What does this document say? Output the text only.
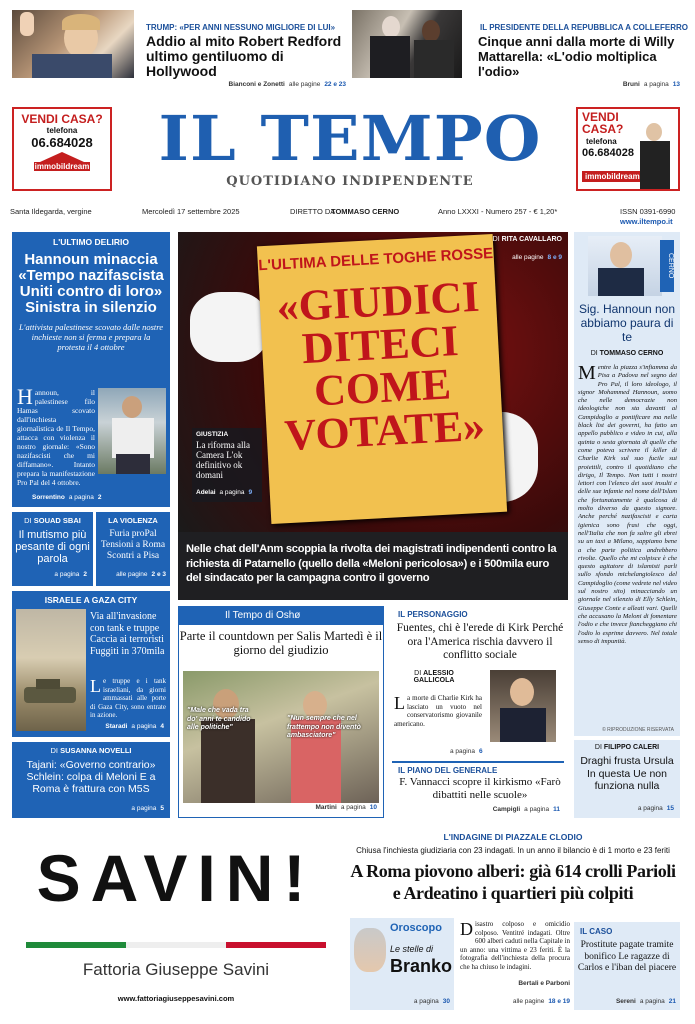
TRUMP: «PER ANNI NESSUNO MIGLIORE DI LUI»
Addio al mito Robert Redford ultimo gentiluomo di Hollywood
Bianconi e Zonetti alle pagine 22 e 23
IL PRESIDENTE DELLA REPUBBLICA A COLLEFERRO
Cinque anni dalla morte di Willy Mattarella: «L'odio moltiplica l'odio»
Bruni a pagina 13
VENDI CASA?
telefona
06.684028
immobildream	IL TEMPO
QUOTIDIANO INDIPENDENTE
VENDI CASA?
telefona
06.684028
immobildream
Santa Ildegarda, vergine	Mercoledì 17 settembre 2025	DIRETTO DA
TOMMASO CERNO	Anno LXXXI - Numero 257 - € 1,20*	ISSN 0391-6990
www.iltempo.it
L'ULTIMO DELIRIO
Hannoun minaccia «Tempo nazifascista Uniti contro di loro» Sinistra in silenzio
L'attivista palestinese scovato dalle nostre inchieste non si ferma e prepara la protesta il 4 ottobre
Hannoun, il palestinese filo Hamas scovato dall'inchiesta giornalistica de Il Tempo, attacca con violenza il nostro giornale: «Sono nazifascisti che mi diffamano». Intanto prepara la manifestazione Pro Pal del 4 ottobre.
Sorrentino a pagina 2
DI SOUAD SBAI
Il mutismo più pesante di ogni parola
a pagina 2
LA VIOLENZA
Furia proPal Tensioni a Roma Scontri a Pisa
alle pagine 2 e 3
ISRAELE A GAZA CITY
Via all'invasione con tank e truppe Caccia ai terroristi Fuggiti in 370mila
Le truppe e i tank israeliani, da giorni ammassati alle porte di Gaza City, sono entrate in azione.
Staradi a pagina 4
DI SUSANNA NOVELLI
Tajani: «Governo contrario» Schlein: colpa di Meloni E a Roma è frattura con M5S
a pagina 5
L'ULTIMA DELLE TOGHE ROSSE
«GIUDICI DITECI COME VOTATE»
DI RITA CAVALLARO
alle pagine 8 e 9
GIUSTIZIA
La riforma alla Camera L'ok definitivo ok domani
Adelai a pagina 9
Nelle chat dell'Anm scoppia la rivolta dei magistrati indipendenti contro la richiesta di Patarnello (quello della «Meloni pericolosa») e i 500mila euro del sindacato per la campagna contro il governo
Il Tempo di Oshø
Parte il countdown per Salis Martedì è il giorno del giudizio
"Male che vada tra do' anni te candido alle politiche"
"Nun sempre che nel frattempo non diventò ambasciatore"
Martini a pagina 10
IL PERSONAGGIO
Fuentes, chi è l'erede di Kirk Perché ora l'America rischia davvero il conflitto sociale
DI ALESSIO GALLICOLA
La morte di Charlie Kirk ha lasciato un vuoto nel conservatorismo giovanile americano.
a pagina 6
IL PIANO DEL GENERALE
F. Vannacci scopre il kirkismo «Farò dibattiti nelle scuole»
Campigli a pagina 11
CERNO
Sig. Hannoun non abbiamo paura di te
DI TOMMASO CERNO
Mentre la piazza s'infiamma da Pisa a Padova nel segno dei Pro Pal, il loro ideologo, il signor Mohammed Hannoun, uomo che nelle democrazie non ideologiche non sta davanti al Campidoglio a pontificare ma nelle black list dei governi, ha fatto un appello pubblico e video in cui, alla quinta o sesta giornata di quelle che come poteva scrivere il killer di Charlie Kirk sul suo fucile sui proiettili, contro il quotidiano che dirigo, Il Tempo. Non tutti i nostri lettori con l'elenco dei suoi insulti e delle sue infamie nel nome dell'Islam che fortunatamente è qualcosa di molto diverso da questo signore. Anche perché nazifascisti e carta igienica sono frasi che oggi, nell'Italia che non fa salire gli ebrei su un taxi a Milano, sappiamo bene a che parte politica andrebbero rivolte. Quello che mi colpisce è che questo agitatore di islamisti parli sullo sfondo michelangiolesco del Campidoglio (come vedrete nel video sul nostro sito) minacciando un giornale nel silenzio di Elly Schlein, Giuseppe Conte e alleati vari. Quelli che accusano la Meloni di fomentare l'odio e che invece fiancheggiano chi l'odio lo esprime davvero. Nel totale senso di impunità.
© RIPRODUZIONE RISERVATA
DI FILIPPO CALERI
Draghi frusta Ursula In questa Ue non funziona nulla
a pagina 15
SAVIN!
Fattoria Giuseppe Savini
www.fattoriagiuseppesavini.com
L'INDAGINE DI PIAZZALE CLODIO
Chiusa l'inchiesta giudiziaria con 23 indagati. In un anno il bilancio è di 1 morto e 23 feriti
A Roma piovono alberi: già 614 crolli Parioli e Ardeatino i quartieri più colpiti
Oroscopo
Le stelle di
Branko
a pagina 30
Disastro colposo e omicidio colposo. Ventitré indagati. Oltre 600 alberi caduti nella Capitale in un anno: una vittima e 23 feriti. È la fotografia dell'inchiesta della procura che ha chiuso le indagini.
Bertali e Parboni
alle pagine 18 e 19
IL CASO
Prostitute pagate tramite bonifico Le ragazze di Carlos e l'iban del piacere
Sereni a pagina 21
